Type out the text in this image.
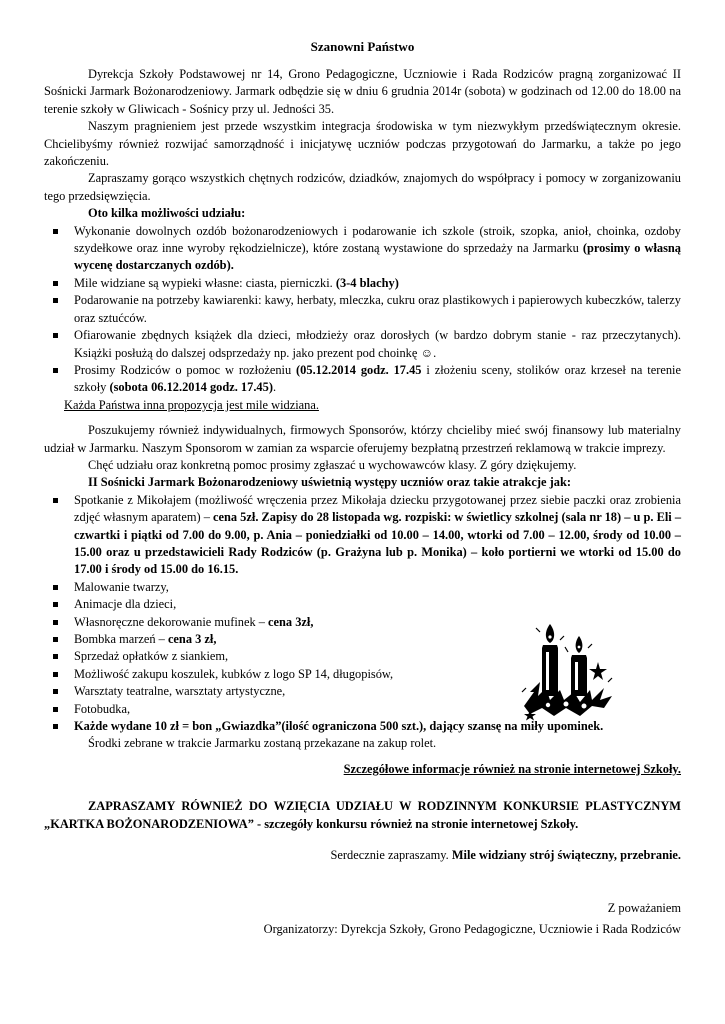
Szanowni Państwo

Dyrekcja Szkoły Podstawowej nr 14, Grono Pedagogiczne, Uczniowie i Rada Rodziców pragną zorganizować II Sośnicki Jarmark Bożonarodzeniowy. Jarmark odbędzie się w dniu 6 grudnia 2014r (sobota) w godzinach od 12.00 do 18.00 na terenie szkoły w Gliwicach - Sośnicy przy ul. Jedności 35.

Naszym pragnieniem jest przede wszystkim integracja środowiska w tym niezwykłym przedświątecznym okresie. Chcielibyśmy również rozwijać samorządność i inicjatywę uczniów podczas przygotowań do Jarmarku, a także po jego zakończeniu.

Zapraszamy gorąco wszystkich chętnych rodziców, dziadków, znajomych do współpracy i pomocy w zorganizowaniu tego przedsięwzięcia.

Oto kilka możliwości udziału:

Wykonanie dowolnych ozdób bożonarodzeniowych i podarowanie ich szkole (stroik, szopka, anioł, choinka, ozdoby szydełkowe oraz inne wyroby rękodzielnicze), które zostaną wystawione do sprzedaży na Jarmarku (prosimy o własną wycenę dostarczanych ozdób).
Mile widziane są wypieki własne: ciasta, pierniczki. (3-4 blachy)
Podarowanie na potrzeby kawiarenki: kawy, herbaty, mleczka, cukru oraz plastikowych i papierowych kubeczków, talerzy oraz sztućców.
Ofiarowanie zbędnych książek dla dzieci, młodzieży oraz dorosłych (w bardzo dobrym stanie - raz przeczytanych). Książki posłużą do dalszej odsprzedaży np. jako prezent pod choinkę ☺.
Prosimy Rodziców o pomoc w rozłożeniu (05.12.2014 godz. 17.45 i złożeniu sceny, stolików oraz krzeseł na terenie szkoły (sobota 06.12.2014 godz. 17.45).

Każda Państwa inna propozycja jest mile widziana.

Poszukujemy również indywidualnych, firmowych Sponsorów, którzy chcieliby mieć swój finansowy lub materialny udział w Jarmarku. Naszym Sponsorom w zamian za wsparcie oferujemy bezpłatną przestrzeń reklamową w trakcie imprezy.

Chęć udziału oraz konkretną pomoc prosimy zgłaszać u wychowawców klasy. Z góry dziękujemy.

II Sośnicki Jarmark Bożonarodzeniowy uświetnią występy uczniów oraz takie atrakcje jak:

Spotkanie z Mikołajem (możliwość wręczenia przez Mikołaja dziecku przygotowanej przez siebie paczki oraz zrobienia zdjęć własnym aparatem) – cena 5zł. Zapisy do 28 listopada wg. rozpiski: w świetlicy szkolnej (sala nr 18) – u p. Eli – czwartki i piątki od 7.00 do 9.00, p. Ania – poniedziałki od 10.00 – 14.00, wtorki od 7.00 – 12.00, środy od 10.00 – 15.00 oraz u przedstawicieli Rady Rodziców (p. Grażyna lub p. Monika) – koło portierni we wtorki od 15.00 do 17.00 i środy od 15.00 do 16.15.
Malowanie twarzy,
Animacje dla dzieci,
Własnoręczne dekorowanie mufinek – cena 3zł,
Bombka marzeń – cena 3 zł,
Sprzedaż opłatków z siankiem,
Możliwość zakupu koszulek, kubków z logo SP 14, długopisów,
Warsztaty teatralne, warsztaty artystyczne,
Fotobudka,
Każde wydane 10 zł = bon „Gwiazdka”(ilość ograniczona 500 szt.), dający szansę na miły upominek.

Środki zebrane w trakcie Jarmarku zostaną przekazane na zakup rolet.

Szczegółowe informacje również na stronie internetowej Szkoły.

ZAPRASZAMY RÓWNIEŻ DO WZIĘCIA UDZIAŁU W RODZINNYM KONKURSIE PLASTYCZNYM „KARTKA BOŻONARODZENIOWA” - szczegóły konkursu również na stronie internetowej Szkoły.

Serdecznie zapraszamy. Mile widziany strój świąteczny, przebranie.

Z poważaniem

Organizatorzy: Dyrekcja Szkoły, Grono Pedagogiczne, Uczniowie i Rada Rodziców
